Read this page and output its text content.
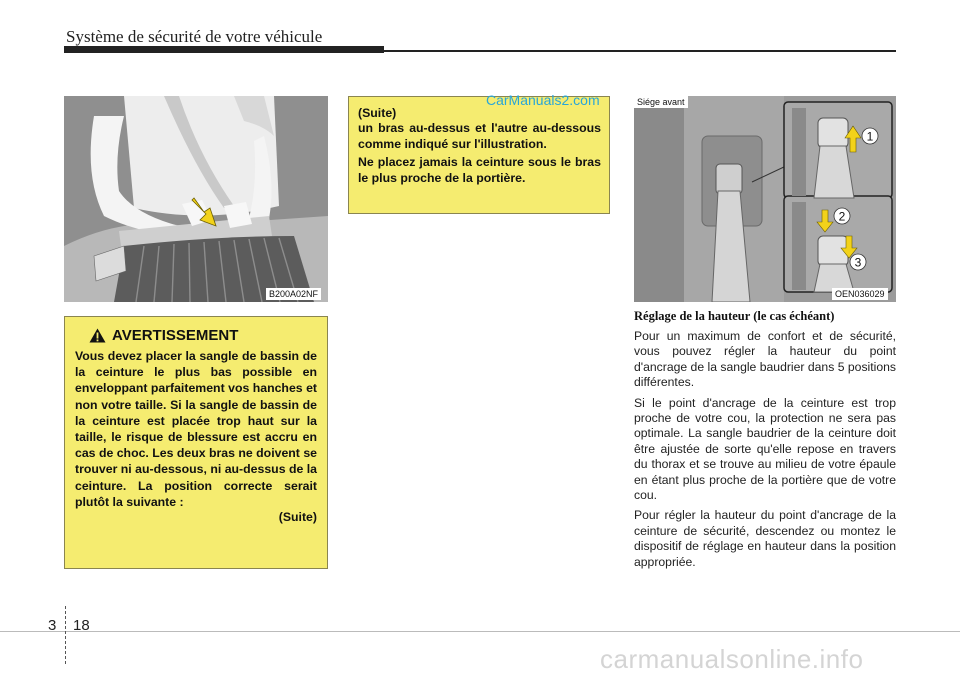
Système de sécurité de votre véhicule
B200A02NF
AVERTISSEMENT
Vous devez placer la sangle de bassin de la ceinture le plus bas possible en enveloppant parfaitement vos hanches et non votre taille. Si la sangle de bassin de la ceinture est placée trop haut sur la taille, le risque de blessure est accru en cas de choc. Les deux bras ne doivent se trouver ni au-dessous, ni au-dessus de la ceinture. La position correcte serait plutôt la suivante :
(Suite)
(Suite)
un bras au-dessus et l'autre au-dessous comme indiqué sur l'illustration.
Ne placez jamais la ceinture sous le bras le plus proche de la portière.
CarManuals2.com
1
2
3
Siége avant
OEN036029
Réglage de la hauteur (le cas échéant)
Pour un maximum de confort et de sécurité, vous pouvez régler la hauteur du point d'ancrage de la sangle baudrier dans 5 positions différentes.
Si le point d'ancrage de la ceinture est trop proche de votre cou, la protection ne sera pas optimale. La sangle baudrier de la ceinture doit être ajustée de sorte qu'elle repose en travers du thorax et se trouve au milieu de votre épaule en étant plus proche de la portière que de votre cou.
Pour régler la hauteur du point d'ancrage de la ceinture de sécurité, descendez ou montez le dispositif de réglage en hauteur dans la position appropriée.
3 18
carmanualsonline.info
